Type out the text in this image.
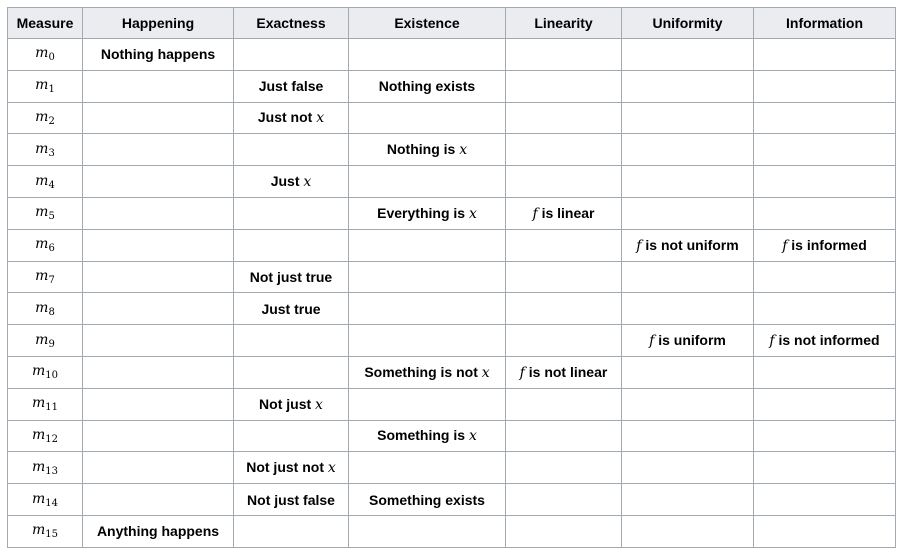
Measure	Happening	Exactness	Existence	Linearity	Uniformity	Information
$m_0$	Nothing happens					
$m_1$		Just false	Nothing exists			
$m_2$		Just not x				
$m_3$			Nothing is x			
$m_4$		Just x				
$m_5$			Everything is x	f is linear		
$m_6$					f is not uniform	f is informed
$m_7$		Not just true				
$m_8$		Just true				
$m_9$					f is uniform	f is not informed
$m_{10}$			Something is not x	f is not linear		
$m_{11}$		Not just x				
$m_{12}$			Something is x			
$m_{13}$		Not just not x				
$m_{14}$		Not just false	Something exists			
$m_{15}$	Anything happens					
